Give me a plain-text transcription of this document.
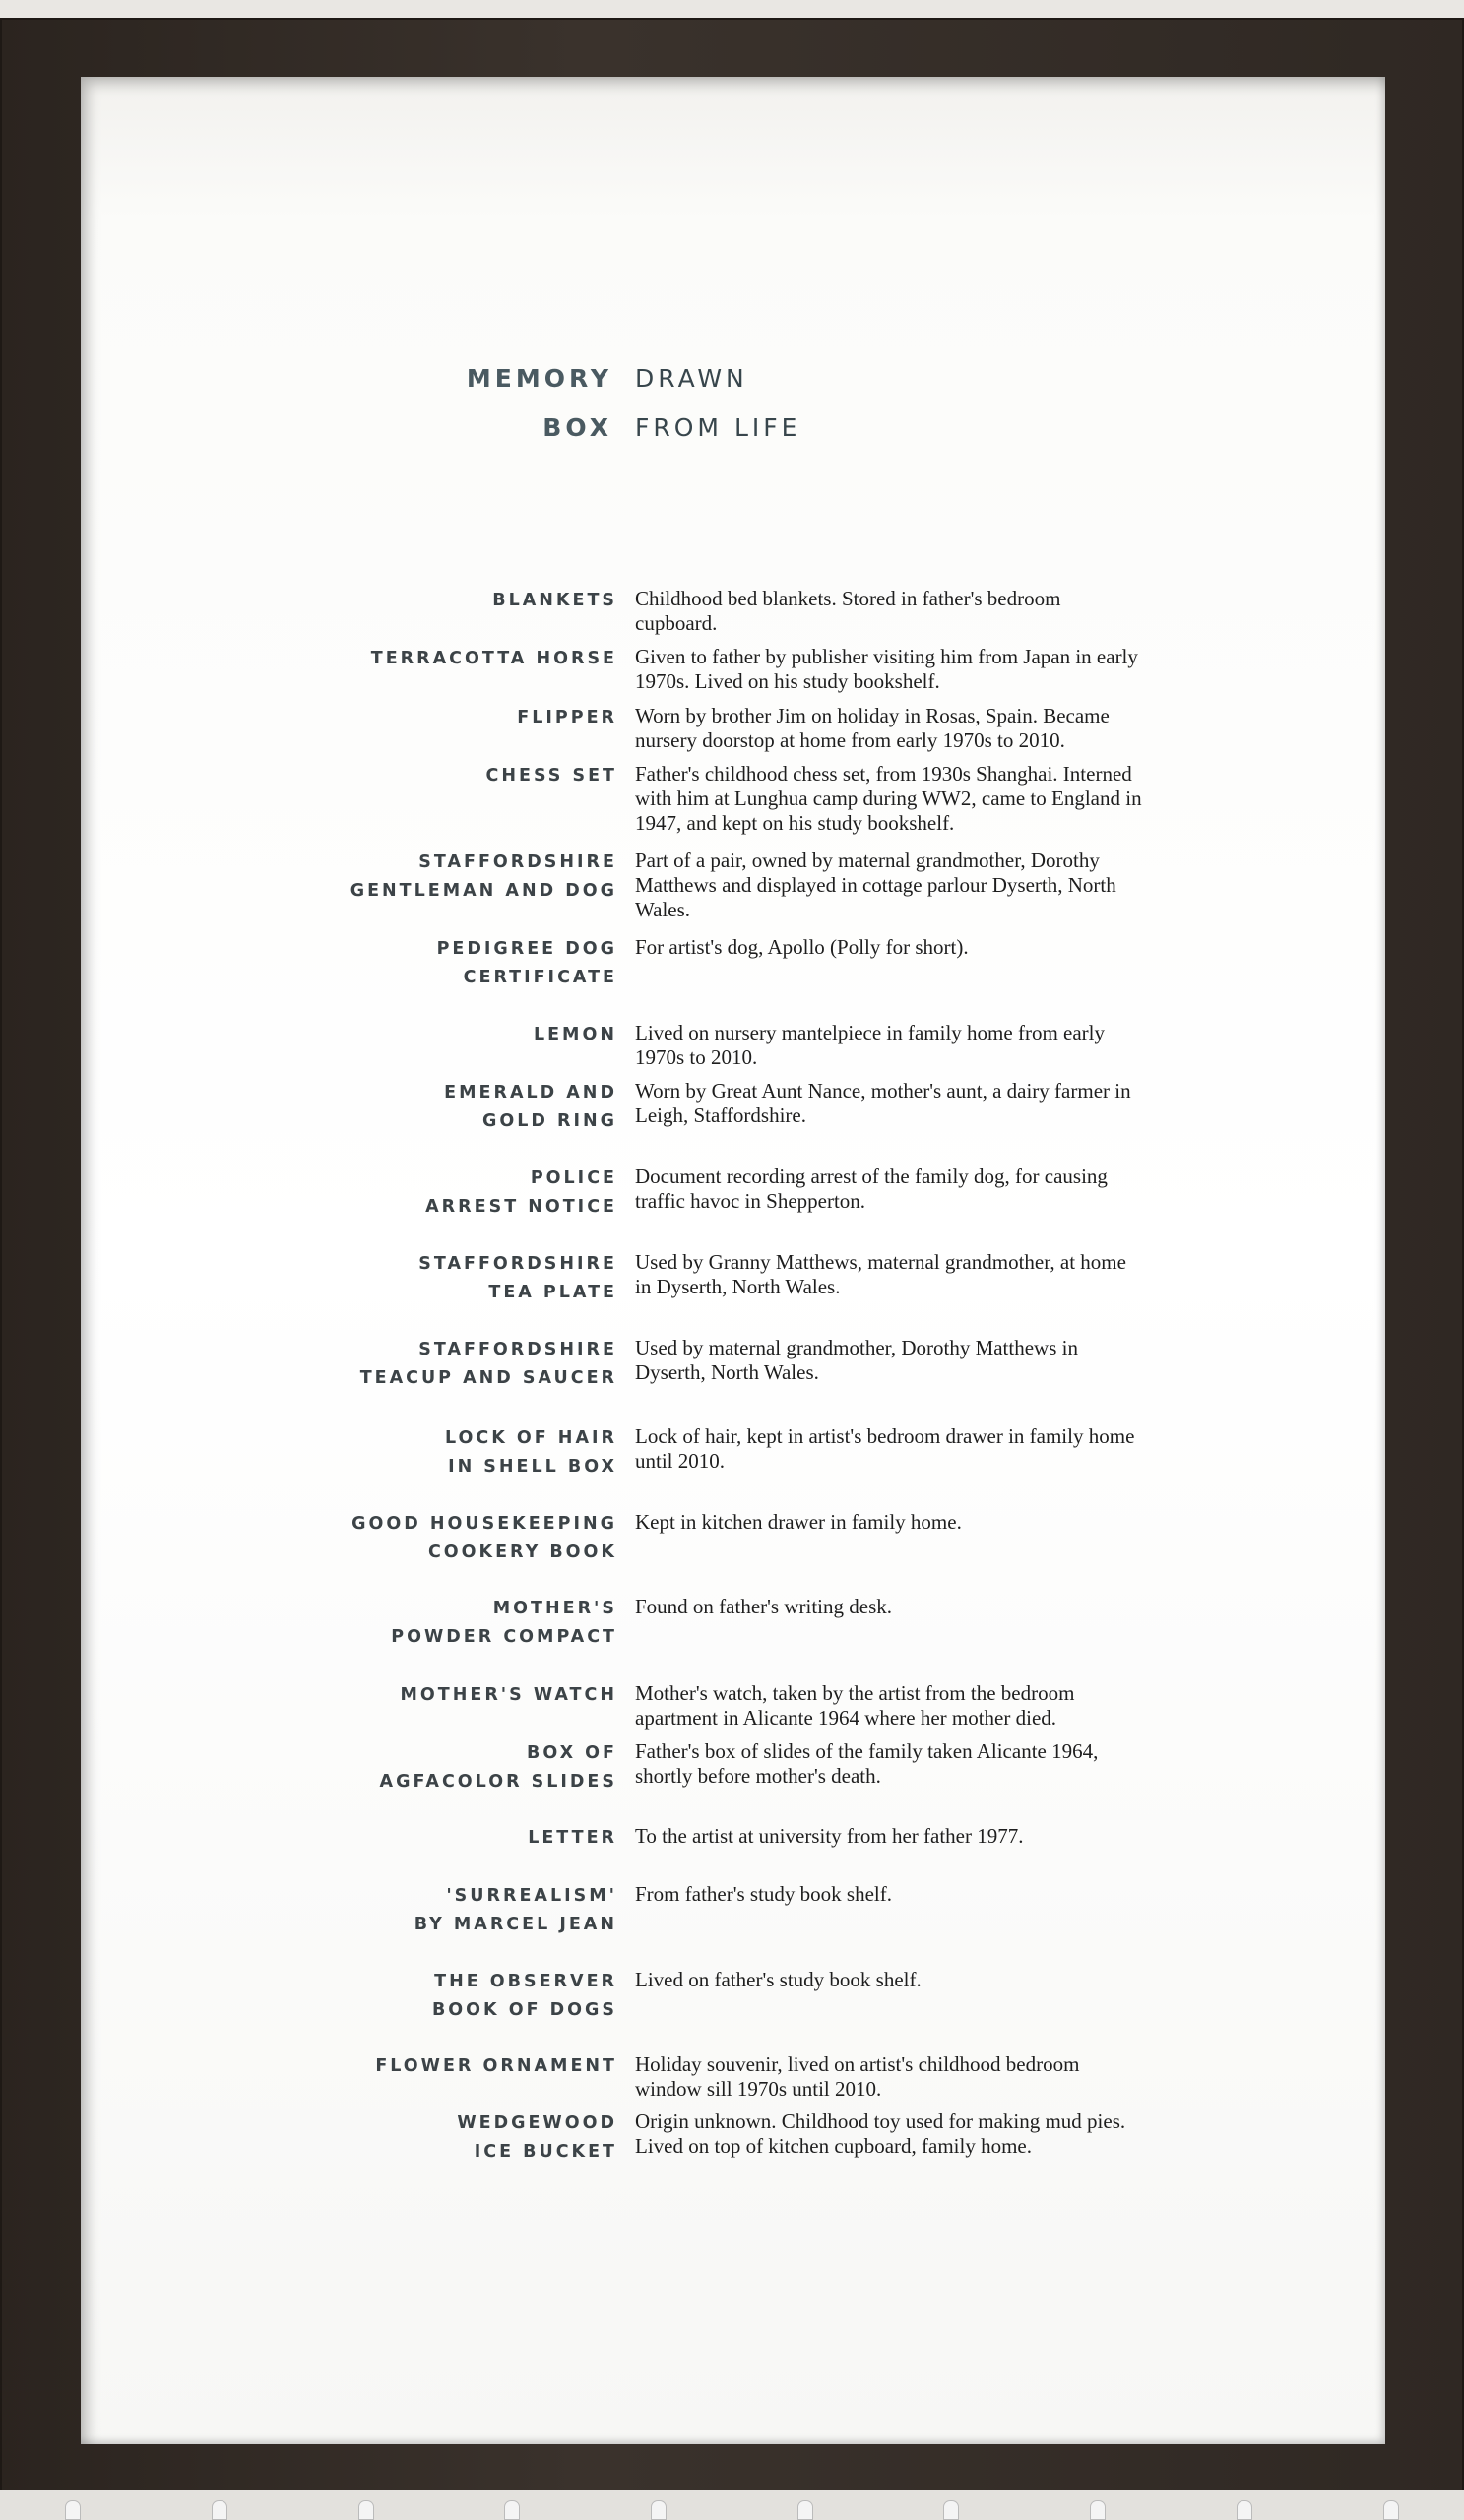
MEMORY DRAWN
BOX FROM LIFE
BLANKETS Childhood bed blankets. Stored in father's bedroom cupboard.
TERRACOTTA HORSE Given to father by publisher visiting him from Japan in early 1970s. Lived on his study bookshelf.
FLIPPER Worn by brother Jim on holiday in Rosas, Spain. Became nursery doorstop at home from early 1970s to 2010.
CHESS SET Father's childhood chess set, from 1930s Shanghai. Interned with him at Lunghua camp during WW2, came to England in 1947, and kept on his study bookshelf.
STAFFORDSHIRE
GENTLEMAN AND DOG
Part of a pair, owned by maternal grandmother, Dorothy Matthews and displayed in cottage parlour Dyserth, North Wales.
PEDIGREE DOG
CERTIFICATE
For artist's dog, Apollo (Polly for short).
LEMON Lived on nursery mantelpiece in family home from early 1970s to 2010.
EMERALD AND
GOLD RING
Worn by Great Aunt Nance, mother's aunt, a dairy farmer in Leigh, Staffordshire.
POLICE
ARREST NOTICE
Document recording arrest of the family dog, for causing traffic havoc in Shepperton.
STAFFORDSHIRE
TEA PLATE
Used by Granny Matthews, maternal grandmother, at home in Dyserth, North Wales.
STAFFORDSHIRE
TEACUP AND SAUCER
Used by maternal grandmother, Dorothy Matthews in Dyserth, North Wales.
LOCK OF HAIR
IN SHELL BOX
Lock of hair, kept in artist's bedroom drawer in family home until 2010.
GOOD HOUSEKEEPING
COOKERY BOOK
Kept in kitchen drawer in family home.
MOTHER'S
POWDER COMPACT
Found on father's writing desk.
MOTHER'S WATCH Mother's watch, taken by the artist from the bedroom apartment in Alicante 1964 where her mother died.
BOX OF
AGFACOLOR SLIDES
Father's box of slides of the family taken Alicante 1964, shortly before mother's death.
LETTER To the artist at university from her father 1977.
'SURREALISM'
BY MARCEL JEAN
From father's study book shelf.
THE OBSERVER
BOOK OF DOGS
Lived on father's study book shelf.
FLOWER ORNAMENT Holiday souvenir, lived on artist's childhood bedroom window sill 1970s until 2010.
WEDGEWOOD
ICE BUCKET
Origin unknown. Childhood toy used for making mud pies. Lived on top of kitchen cupboard, family home.
